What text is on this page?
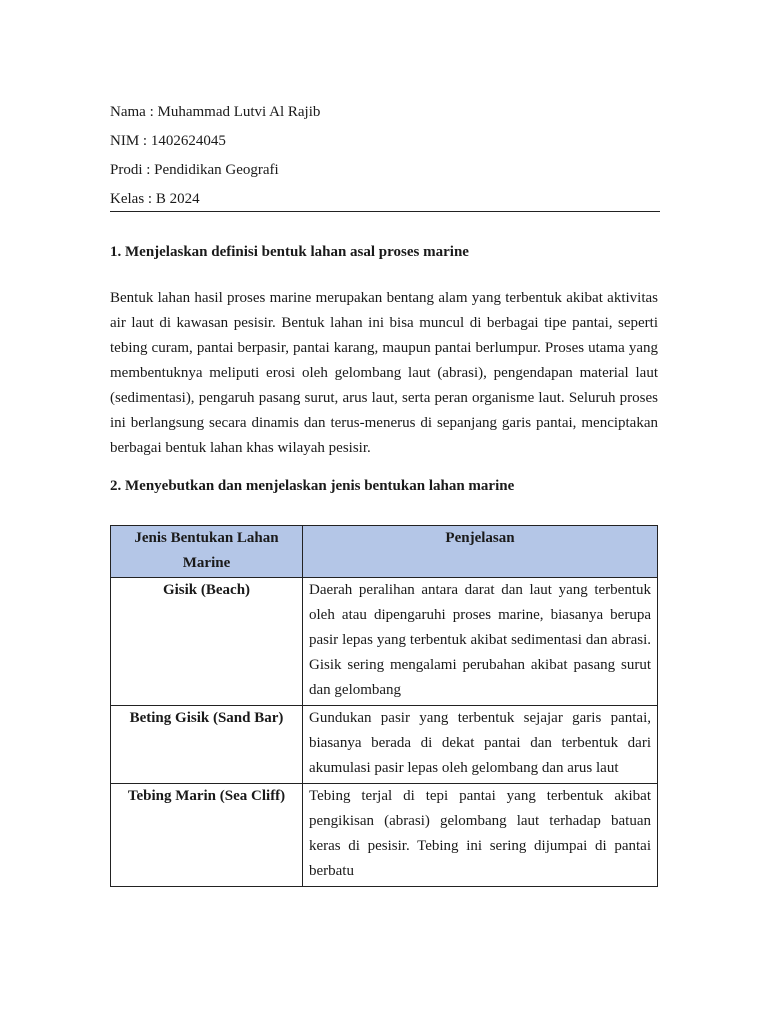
Nama : Muhammad Lutvi Al Rajib
NIM : 1402624045
Prodi : Pendidikan Geografi
Kelas : B 2024
1. Menjelaskan definisi bentuk lahan asal proses marine

Bentuk lahan hasil proses marine merupakan bentang alam yang terbentuk akibat aktivitas air laut di kawasan pesisir. Bentuk lahan ini bisa muncul di berbagai tipe pantai, seperti tebing curam, pantai berpasir, pantai karang, maupun pantai berlumpur. Proses utama yang membentuknya meliputi erosi oleh gelombang laut (abrasi), pengendapan material laut (sedimentasi), pengaruh pasang surut, arus laut, serta peran organisme laut. Seluruh proses ini berlangsung secara dinamis dan terus-menerus di sepanjang garis pantai, menciptakan berbagai bentuk lahan khas wilayah pesisir.

2. Menyebutkan dan menjelaskan jenis bentukan lahan marine
Jenis Bentukan Lahan Marine	Penjelasan
Gisik (Beach)	Daerah peralihan antara darat dan laut yang terbentuk oleh atau dipengaruhi proses marine, biasanya berupa pasir lepas yang terbentuk akibat sedimentasi dan abrasi. Gisik sering mengalami perubahan akibat pasang surut dan gelombang
Beting Gisik (Sand Bar)	Gundukan pasir yang terbentuk sejajar garis pantai, biasanya berada di dekat pantai dan terbentuk dari akumulasi pasir lepas oleh gelombang dan arus laut
Tebing Marin (Sea Cliff)	Tebing terjal di tepi pantai yang terbentuk akibat pengikisan (abrasi) gelombang laut terhadap batuan keras di pesisir. Tebing ini sering dijumpai di pantai berbatu
